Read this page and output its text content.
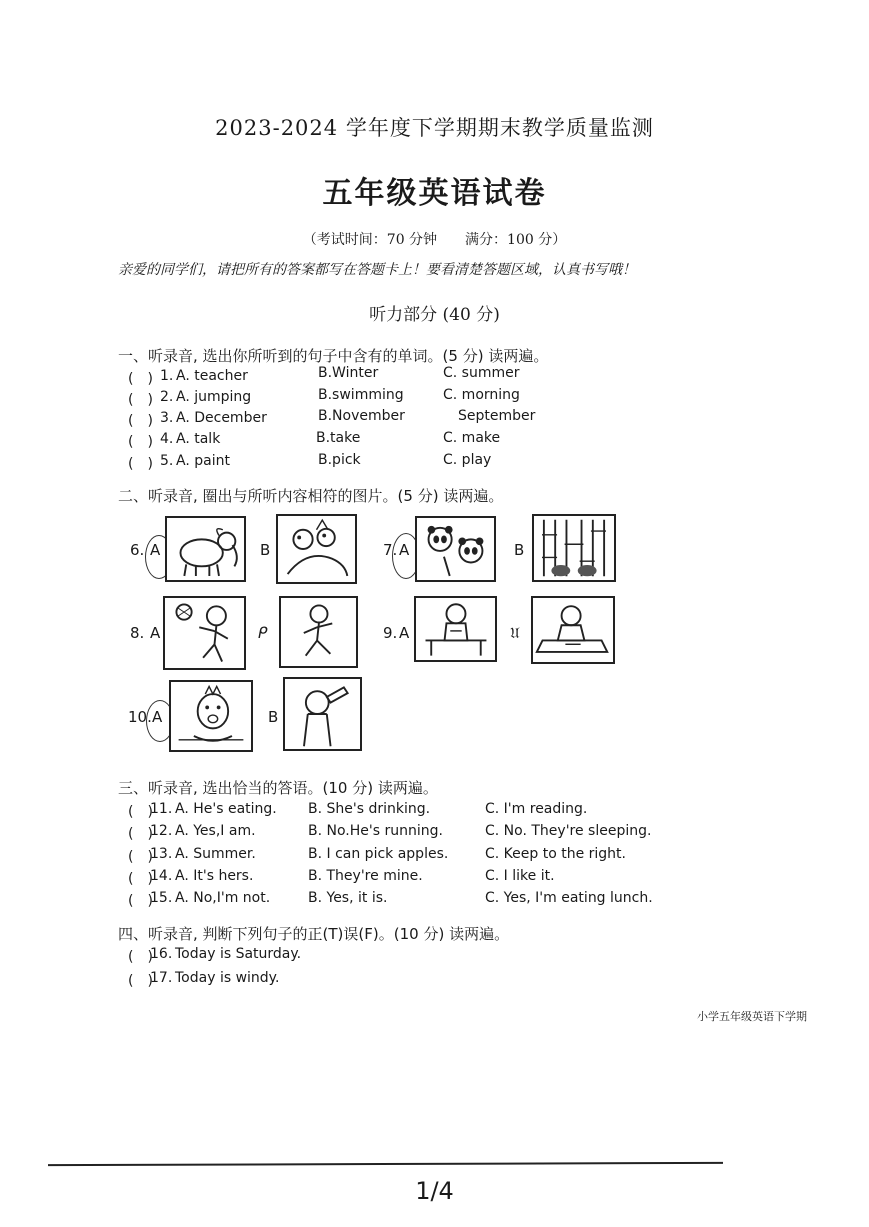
2023-2024 学年度下学期期末教学质量监测
五年级英语试卷
（考试时间：70 分钟　　满分：100 分）
亲爱的同学们，请把所有的答案都写在答题卡上！要看清楚答题区域，认真书写哦！
听力部分 (40 分)
一、听录音, 选出你所听到的句子中含有的单词。(5 分) 读两遍。
(　) 1. A. teacher	B.Winter	C. summer
(　) 2. A. jumping	B.swimming	C. morning
(　) 3. A. December	B.November	September
(　) 4. A. talk	B.take	C. make
(　) 5. A. paint	B.pick	C. play
二、听录音, 圈出与所听内容相符的图片。(5 分) 读两遍。
6. A	B	7. A	B
8. A	ᑭ	9. A	𝔘
10. A	B
三、听录音, 选出恰当的答语。(10 分) 读两遍。
(　)
11. A. He's eating. B. She's drinking.	C. I'm reading.
(　)
12. A. Yes,I am.	B. No.He's running.	C. No. They're sleeping.
(　)
13. A. Summer.	B. I can pick apples.	C. Keep to the right.
(　)
14. A. It's hers.	B. They're mine.	C. I like it.
(　)
15. A. No,I'm not.	B. Yes, it is.	C. Yes, I'm eating lunch.
四、听录音, 判断下列句子的正(T)误(F)。(10 分) 读两遍。
(　)
16. Today is Saturday.
(　)
17. Today is windy.
小学五年级英语下学期
1/4
